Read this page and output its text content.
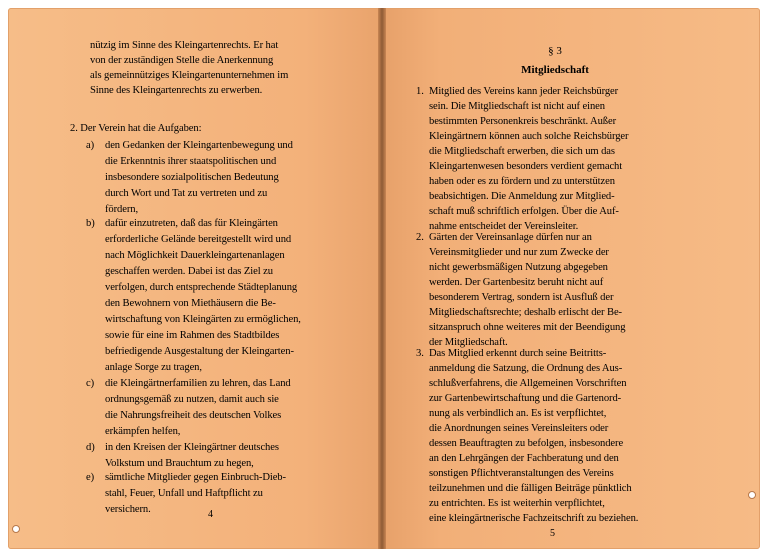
nützig im Sinne des Kleingartenrechts. Er hat
von der zuständigen Stelle die Anerkennung
als gemeinnütziges Kleingartenunternehmen im
Sinne des Kleingartenrechts zu erwerben.
2. Der Verein hat die Aufgaben:
a) den Gedanken der Kleingartenbewegung und
die Erkenntnis ihrer staatspolitischen und
insbesondere sozialpolitischen Bedeutung
durch Wort und Tat zu vertreten und zu
fördern,
b) dafür einzutreten, daß das für Kleingärten
erforderliche Gelände bereitgestellt wird und
nach Möglichkeit Dauerkleingartenanlagen
geschaffen werden. Dabei ist das Ziel zu
verfolgen, durch entsprechende Städteplanung
den Bewohnern von Miethäusern die Be-
wirtschaftung von Kleingärten zu ermöglichen,
sowie für eine im Rahmen des Stadtbildes
befriedigende Ausgestaltung der Kleingarten-
anlage Sorge zu tragen,
c) die Kleingärtnerfamilien zu lehren, das Land
ordnungsgemäß zu nutzen, damit auch sie
die Nahrungsfreiheit des deutschen Volkes
erkämpfen helfen,
d) in den Kreisen der Kleingärtner deutsches
Volkstum und Brauchtum zu hegen,
e) sämtliche Mitglieder gegen Einbruch-Dieb-
stahl, Feuer, Unfall und Haftpflicht zu
versichern.	4
§ 3
Mitgliedschaft
1. Mitglied des Vereins kann jeder Reichsbürger
sein. Die Mitgliedschaft ist nicht auf einen
bestimmten Personenkreis beschränkt. Außer
Kleingärtnern können auch solche Reichsbürger
die Mitgliedschaft erwerben, die sich um das
Kleingartenwesen besonders verdient gemacht
haben oder es zu fördern und zu unterstützen
beabsichtigen. Die Anmeldung zur Mitglied-
schaft muß schriftlich erfolgen. Über die Auf-
nahme entscheidet der Vereinsleiter.
2. Gärten der Vereinsanlage dürfen nur an
Vereinsmitglieder und nur zum Zwecke der
nicht gewerbsmäßigen Nutzung abgegeben
werden. Der Gartenbesitz beruht nicht auf
besonderem Vertrag, sondern ist Ausfluß der
Mitgliedschaftsrechte; deshalb erlischt der Be-
sitzanspruch ohne weiteres mit der Beendigung
der Mitgliedschaft.
3. Das Mitglied erkennt durch seine Beitritts-
anmeldung die Satzung, die Ordnung des Aus-
schlußverfahrens, die Allgemeinen Vorschriften
zur Gartenbewirtschaftung und die Gartenord-
nung als verbindlich an. Es ist verpflichtet,
die Anordnungen seines Vereinsleiters oder
dessen Beauftragten zu befolgen, insbesondere
an den Lehrgängen der Fachberatung und den
sonstigen Pflichtveranstaltungen des Vereins
teilzunehmen und die fälligen Beiträge pünktlich
zu entrichten. Es ist weiterhin verpflichtet,
eine kleingärtnerische Fachzeitschrift zu beziehen.
5
